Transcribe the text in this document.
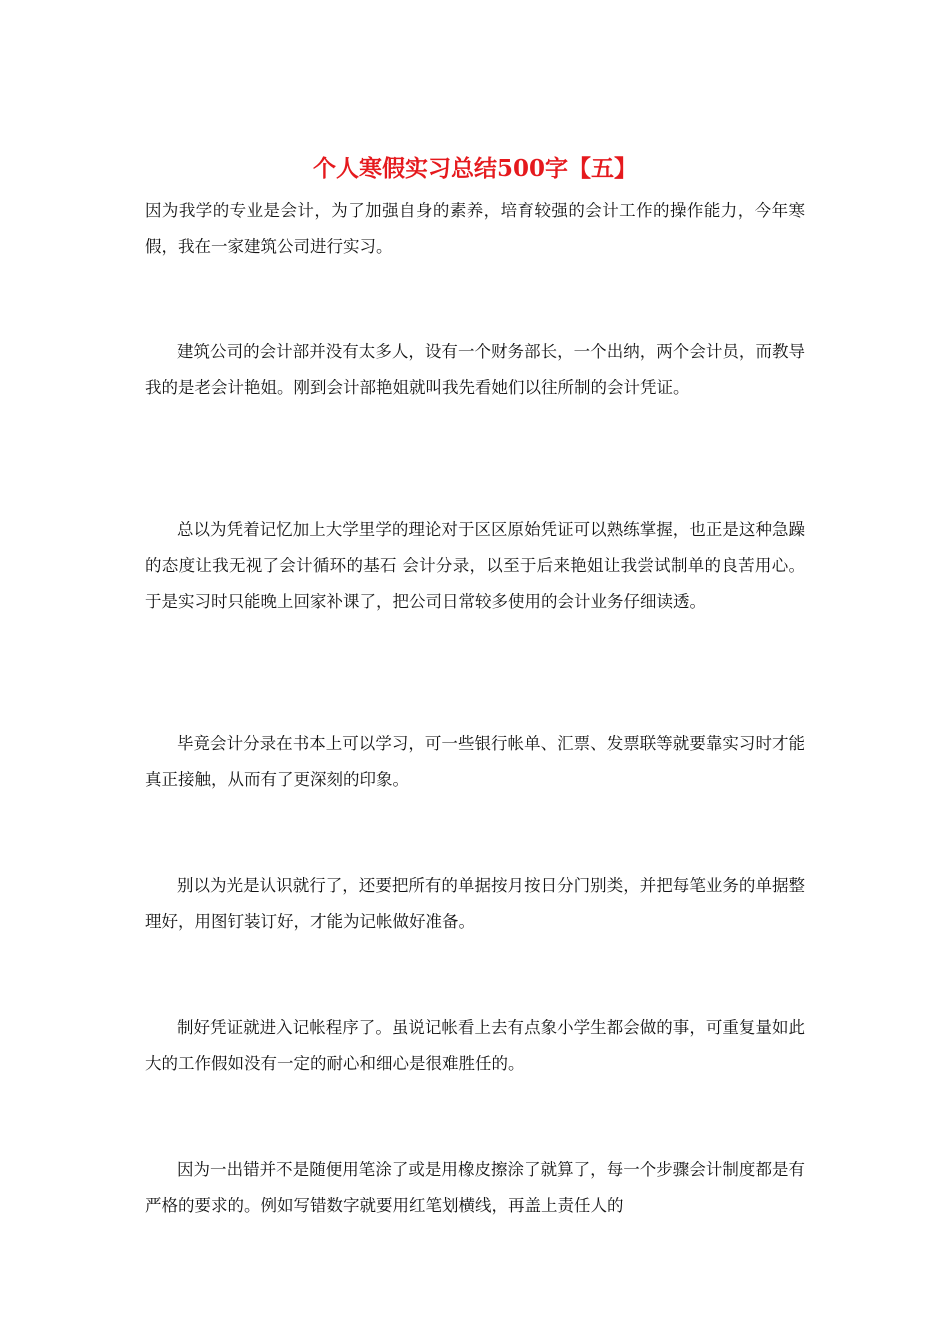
个人寒假实习总结500字【五】

因为我学的专业是会计，为了加强自身的素养，培育较强的会计工作的操作能力，今年寒假，我在一家建筑公司进行实习。

建筑公司的会计部并没有太多人，设有一个财务部长，一个出纳，两个会计员，而教导我的是老会计艳姐。刚到会计部艳姐就叫我先看她们以往所制的会计凭证。

总以为凭着记忆加上大学里学的理论对于区区原始凭证可以熟练掌握，也正是这种急躁的态度让我无视了会计循环的基石 会计分录，以至于后来艳姐让我尝试制单的良苦用心。于是实习时只能晚上回家补课了，把公司日常较多使用的会计业务仔细读透。

毕竟会计分录在书本上可以学习，可一些银行帐单、汇票、发票联等就要靠实习时才能真正接触，从而有了更深刻的印象。

别以为光是认识就行了，还要把所有的单据按月按日分门别类，并把每笔业务的单据整理好，用图钉装订好，才能为记帐做好准备。

制好凭证就进入记帐程序了。虽说记帐看上去有点象小学生都会做的事，可重复量如此大的工作假如没有一定的耐心和细心是很难胜任的。

因为一出错并不是随便用笔涂了或是用橡皮擦涂了就算了，每一个步骤会计制度都是有严格的要求的。例如写错数字就要用红笔划横线，再盖上责任人的
